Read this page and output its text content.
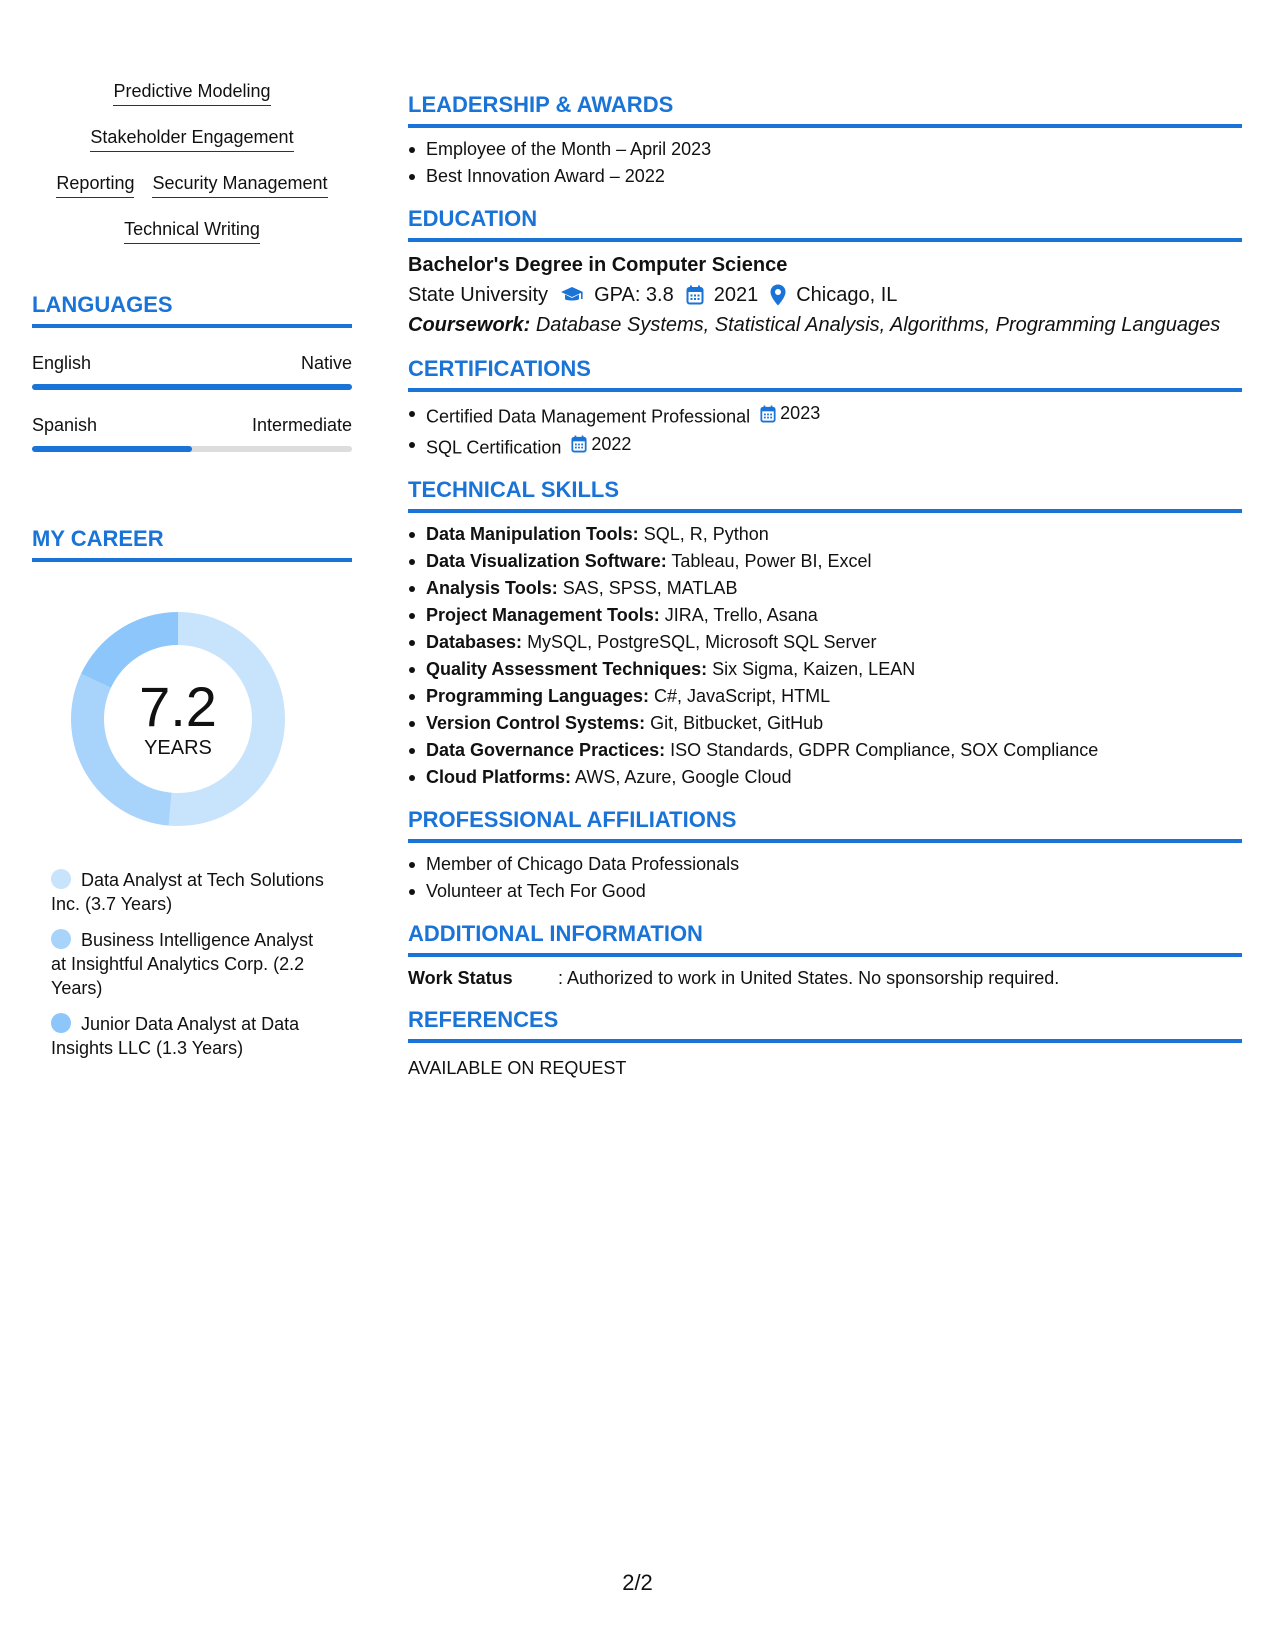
Predictive Modeling
Stakeholder Engagement
Reporting Security Management
Technical Writing
LANGUAGES
English	Native
Spanish	Intermediate
MY CAREER
7.2
YEARS
Data Analyst at Tech Solutions Inc. (3.7 Years)
Business Intelligence Analyst at Insightful Analytics Corp. (2.2 Years)
Junior Data Analyst at Data Insights LLC (1.3 Years)
LEADERSHIP & AWARDS
Employee of the Month – April 2023
Best Innovation Award – 2022
EDUCATION
Bachelor's Degree in Computer Science
State University GPA: 3.8 2021 Chicago, IL
Coursework: Database Systems, Statistical Analysis, Algorithms, Programming Languages
CERTIFICATIONS
Certified Data Management Professional 2023
SQL Certification 2022
TECHNICAL SKILLS
Data Manipulation Tools: SQL, R, Python
Data Visualization Software: Tableau, Power BI, Excel
Analysis Tools: SAS, SPSS, MATLAB
Project Management Tools: JIRA, Trello, Asana
Databases: MySQL, PostgreSQL, Microsoft SQL Server
Quality Assessment Techniques: Six Sigma, Kaizen, LEAN
Programming Languages: C#, JavaScript, HTML
Version Control Systems: Git, Bitbucket, GitHub
Data Governance Practices: ISO Standards, GDPR Compliance, SOX Compliance
Cloud Platforms: AWS, Azure, Google Cloud
PROFESSIONAL AFFILIATIONS
Member of Chicago Data Professionals
Volunteer at Tech For Good
ADDITIONAL INFORMATION
Work Status	: Authorized to work in United States. No sponsorship required.
REFERENCES
AVAILABLE ON REQUEST
2/2
